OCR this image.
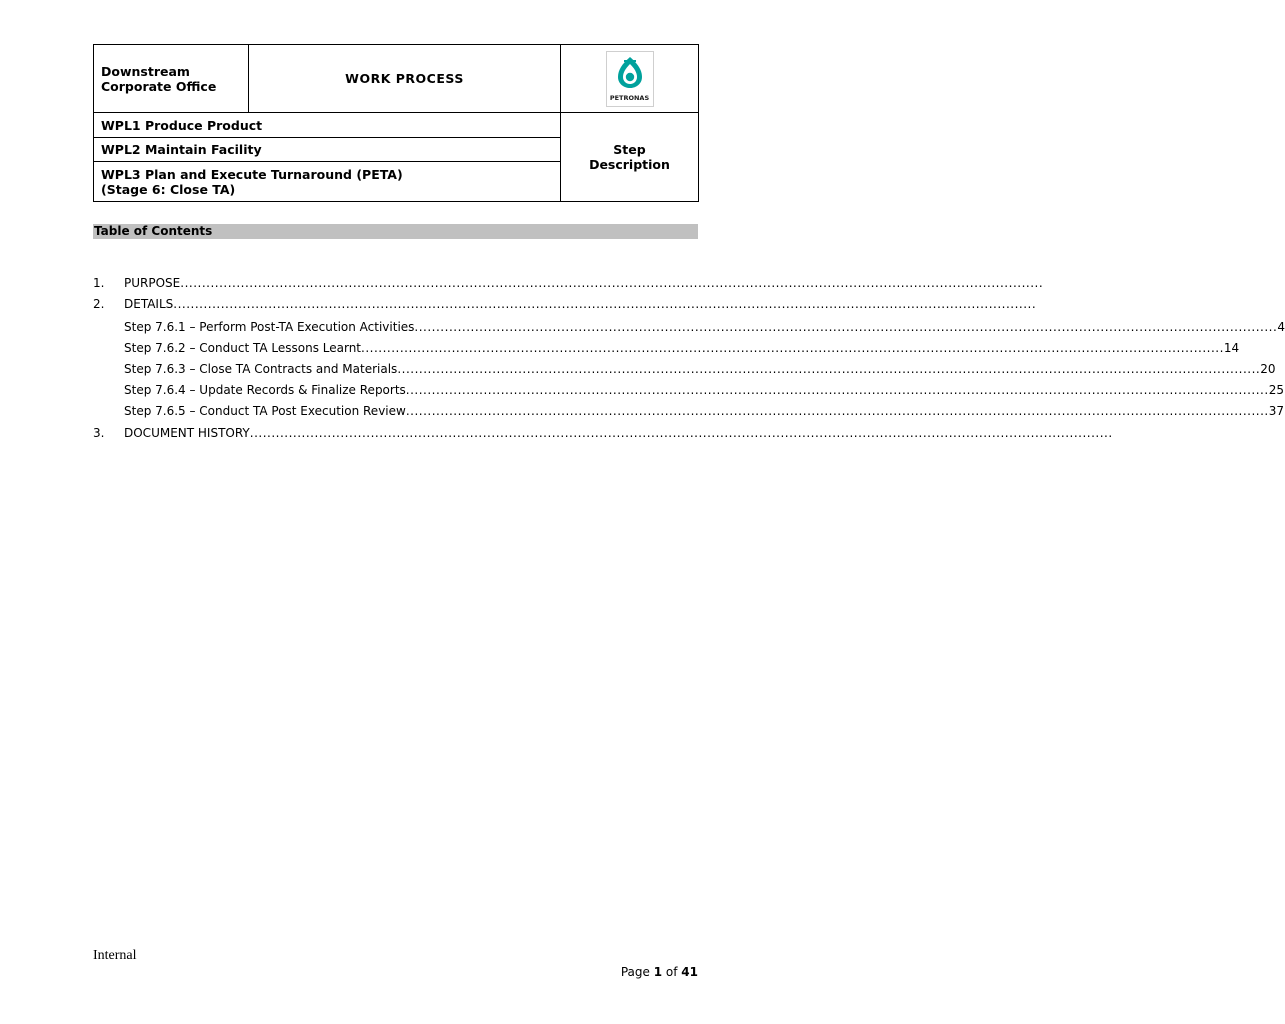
Downstream
Corporate Office	WORK PROCESS	PETRONAS

WPL1 Produce Product		Step
Description

WPL2 Maintain Facility		

WPL3 Plan and Execute Turnaround (PETA)
(Stage 6: Close TA)		
Table of Contents
1. PURPOSE ........................................................................................................................................................................................................
2. DETAILS ........................................................................................................................................................................................................
Step 7.6.1 – Perform Post-TA Execution Activities ........................................................................................................................................................................................................ 4
Step 7.6.2 – Conduct TA Lessons Learnt ........................................................................................................................................................................................................ 14
Step 7.6.3 – Close TA Contracts and Materials ........................................................................................................................................................................................................ 20
Step 7.6.4 – Update Records & Finalize Reports ........................................................................................................................................................................................................ 25
Step 7.6.5 – Conduct TA Post Execution Review ........................................................................................................................................................................................................ 37
3. DOCUMENT HISTORY ........................................................................................................................................................................................................
Internal
Page 1 of 41
